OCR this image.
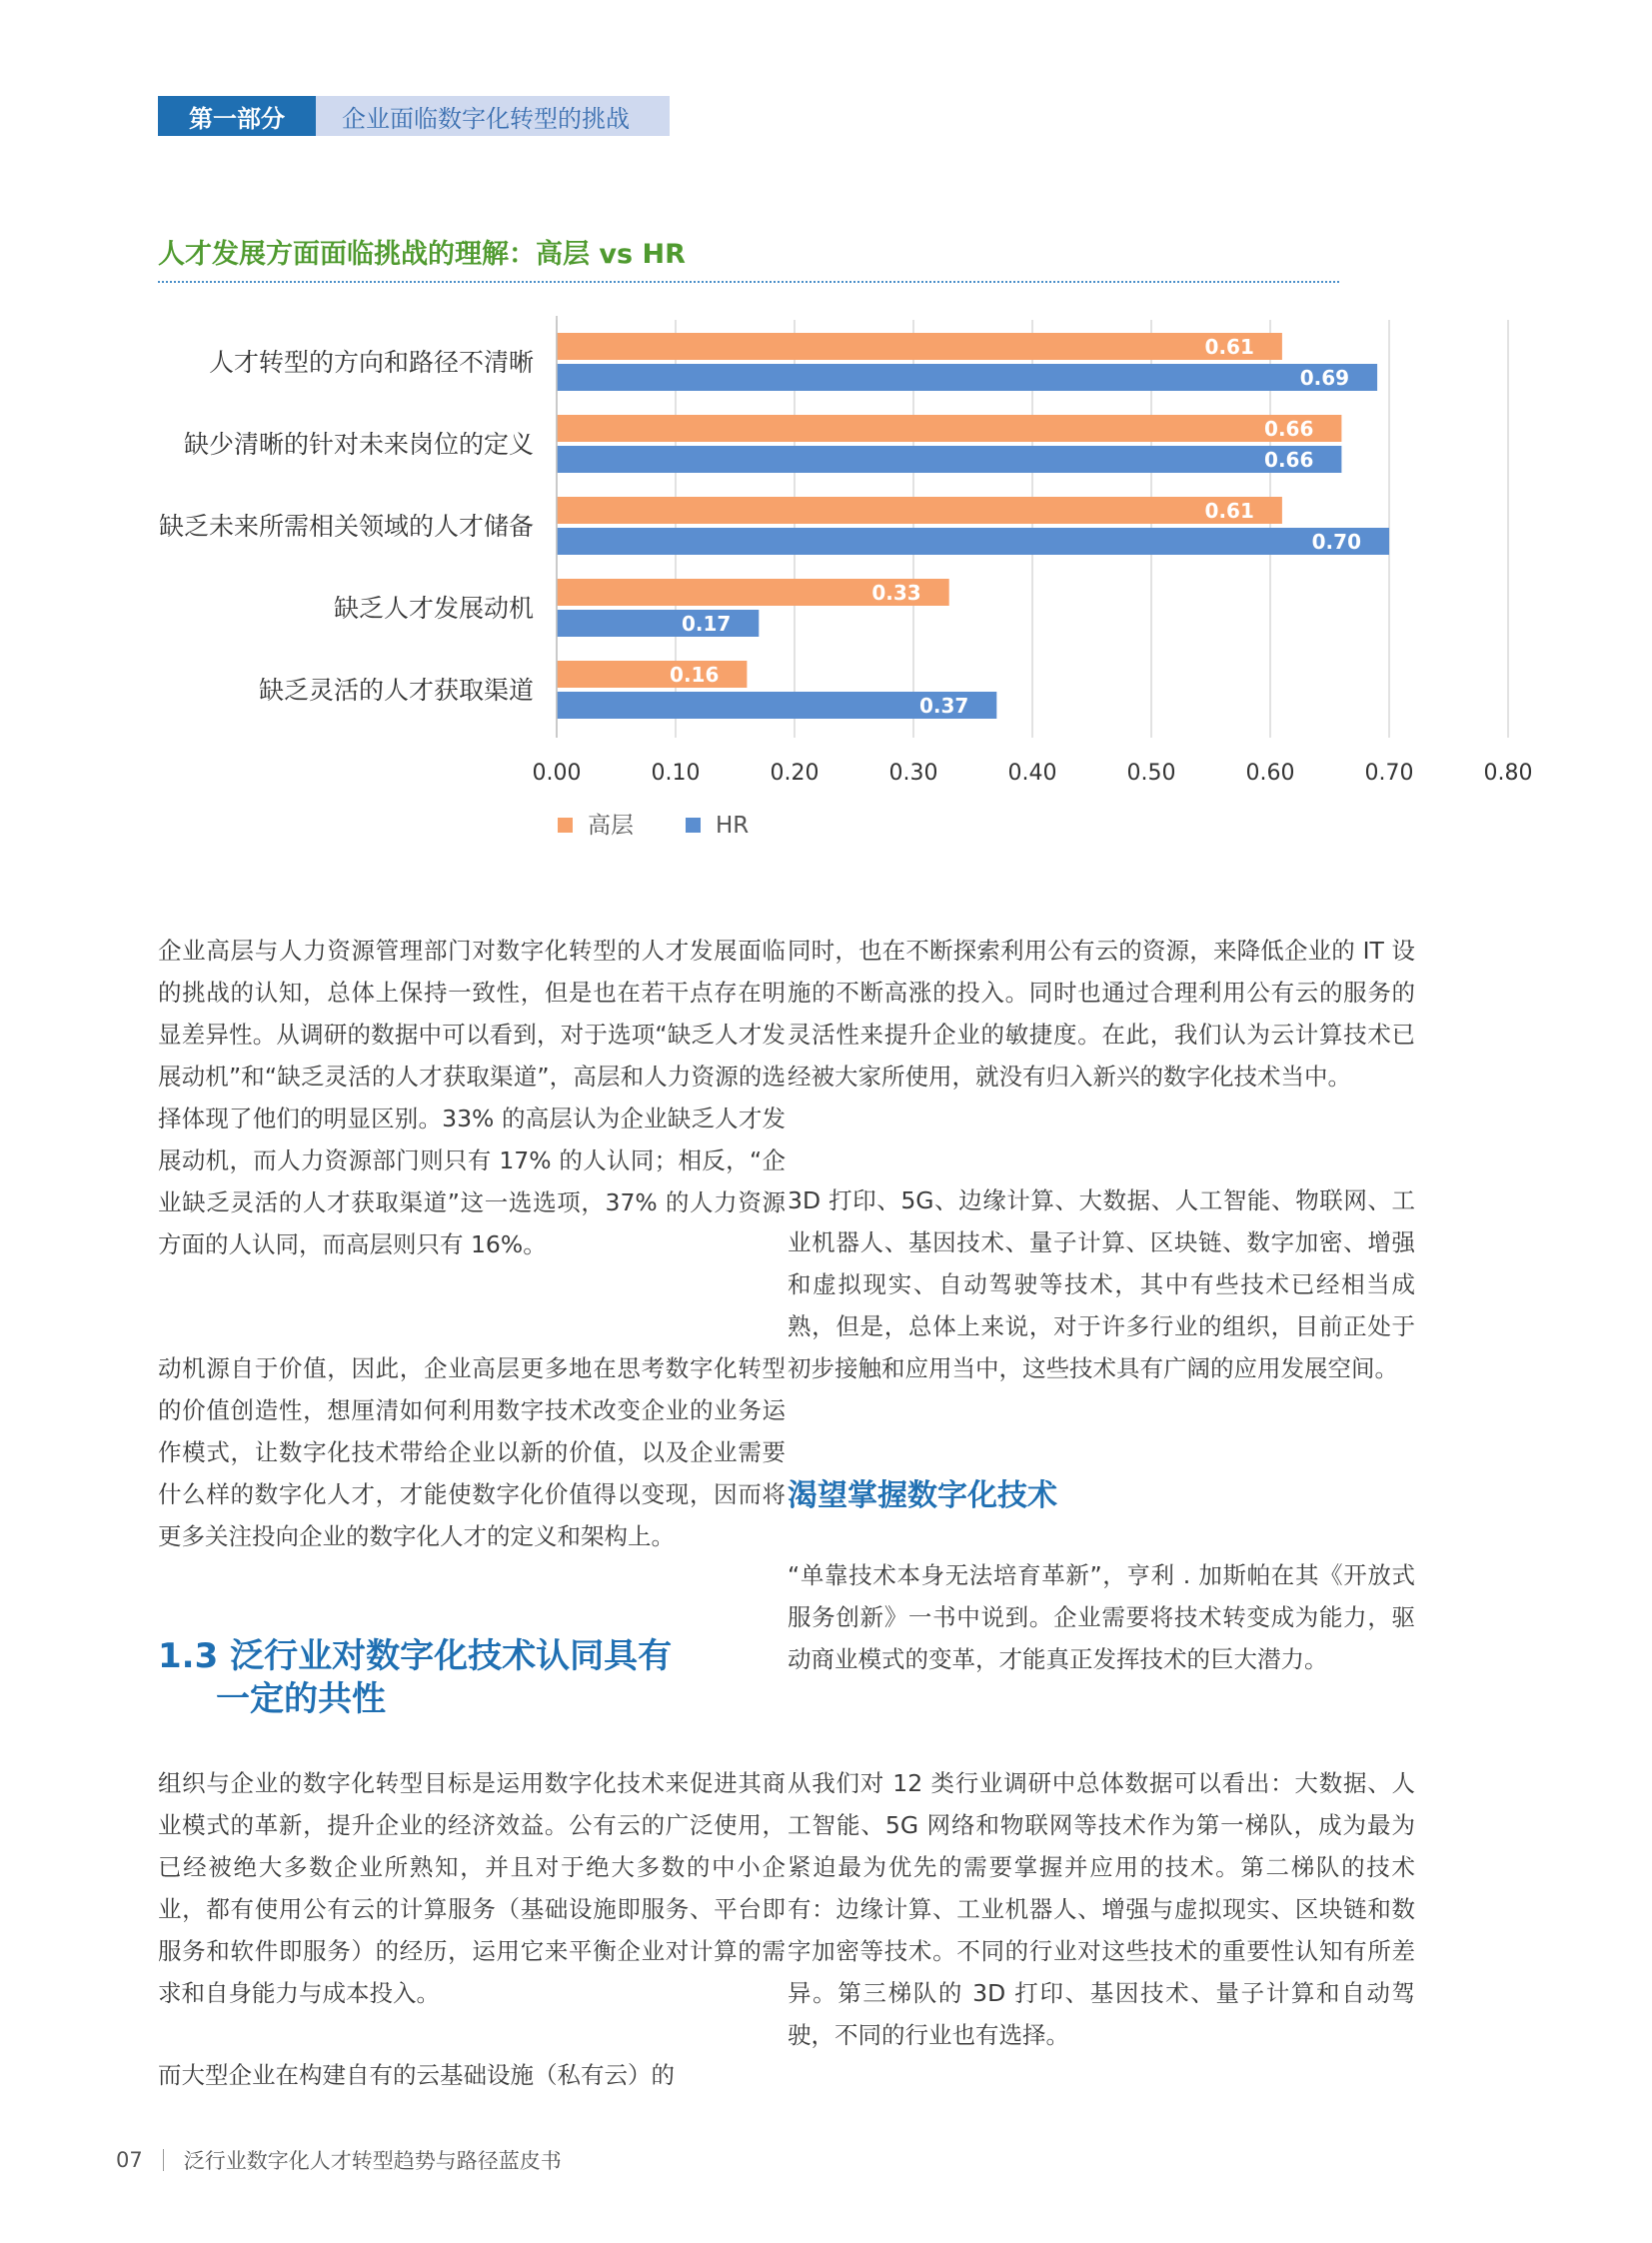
第一部分	企业面临数字化转型的挑战
人才发展方面面临挑战的理解：高层 vs HR
0.00	0.10	0.20	0.30	0.40	0.50	0.60	0.70	0.80
人才转型的方向和路径不清晰
0.61
0.69
缺少清晰的针对未来岗位的定义
0.66
0.66
缺乏未来所需相关领域的人才储备
0.61
0.70
缺乏人才发展动机
0.33
0.17
缺乏灵活的人才获取渠道
0.16
0.37
高层	HR

企业高层与人力资源管理部门对数字化转型的人才发展面临的挑战的认知，总体上保持一致性，但是也在若干点存在明显差异性。从调研的数据中可以看到，对于选项“缺乏人才发展动机”和“缺乏灵活的人才获取渠道”，高层和人力资源的选择体现了他们的明显区别。33% 的高层认为企业缺乏人才发展动机，而人力资源部门则只有 17% 的人认同；相反，“企业缺乏灵活的人才获取渠道”这一选选项，37% 的人力资源方面的人认同，而高层则只有 16%。

动机源自于价值，因此，企业高层更多地在思考数字化转型的价值创造性，想厘清如何利用数字技术改变企业的业务运作模式，让数字化技术带给企业以新的价值，以及企业需要什么样的数字化人才，才能使数字化价值得以变现，因而将更多关注投向企业的数字化人才的定义和架构上。

1.3 泛行业对数字化技术认同具有
一定的共性

组织与企业的数字化转型目标是运用数字化技术来促进其商业模式的革新，提升企业的经济效益。公有云的广泛使用，已经被绝大多数企业所熟知，并且对于绝大多数的中小企业，都有使用公有云的计算服务（基础设施即服务、平台即服务和软件即服务）的经历，运用它来平衡企业对计算的需求和自身能力与成本投入。

而大型企业在构建自有的云基础设施（私有云）的

同时，也在不断探索利用公有云的资源，来降低企业的 IT 设施的不断高涨的投入。同时也通过合理利用公有云的服务的灵活性来提升企业的敏捷度。在此，我们认为云计算技术已经被大家所使用，就没有归入新兴的数字化技术当中。

3D 打印、5G、边缘计算、大数据、人工智能、物联网、工业机器人、基因技术、量子计算、区块链、数字加密、增强和虚拟现实、自动驾驶等技术，其中有些技术已经相当成熟，但是，总体上来说，对于许多行业的组织，目前正处于初步接触和应用当中，这些技术具有广阔的应用发展空间。

渴望掌握数字化技术

“单靠技术本身无法培育革新”，亨利 . 加斯帕在其《开放式服务创新》一书中说到。企业需要将技术转变成为能力，驱动商业模式的变革，才能真正发挥技术的巨大潜力。

从我们对 12 类行业调研中总体数据可以看出：大数据、人工智能、5G 网络和物联网等技术作为第一梯队，成为最为紧迫最为优先的需要掌握并应用的技术。第二梯队的技术有：边缘计算、工业机器人、增强与虚拟现实、区块链和数字加密等技术。不同的行业对这些技术的重要性认知有所差异。第三梯队的 3D 打印、基因技术、量子计算和自动驾驶，不同的行业也有选择。

07 泛行业数字化人才转型趋势与路径蓝皮书
